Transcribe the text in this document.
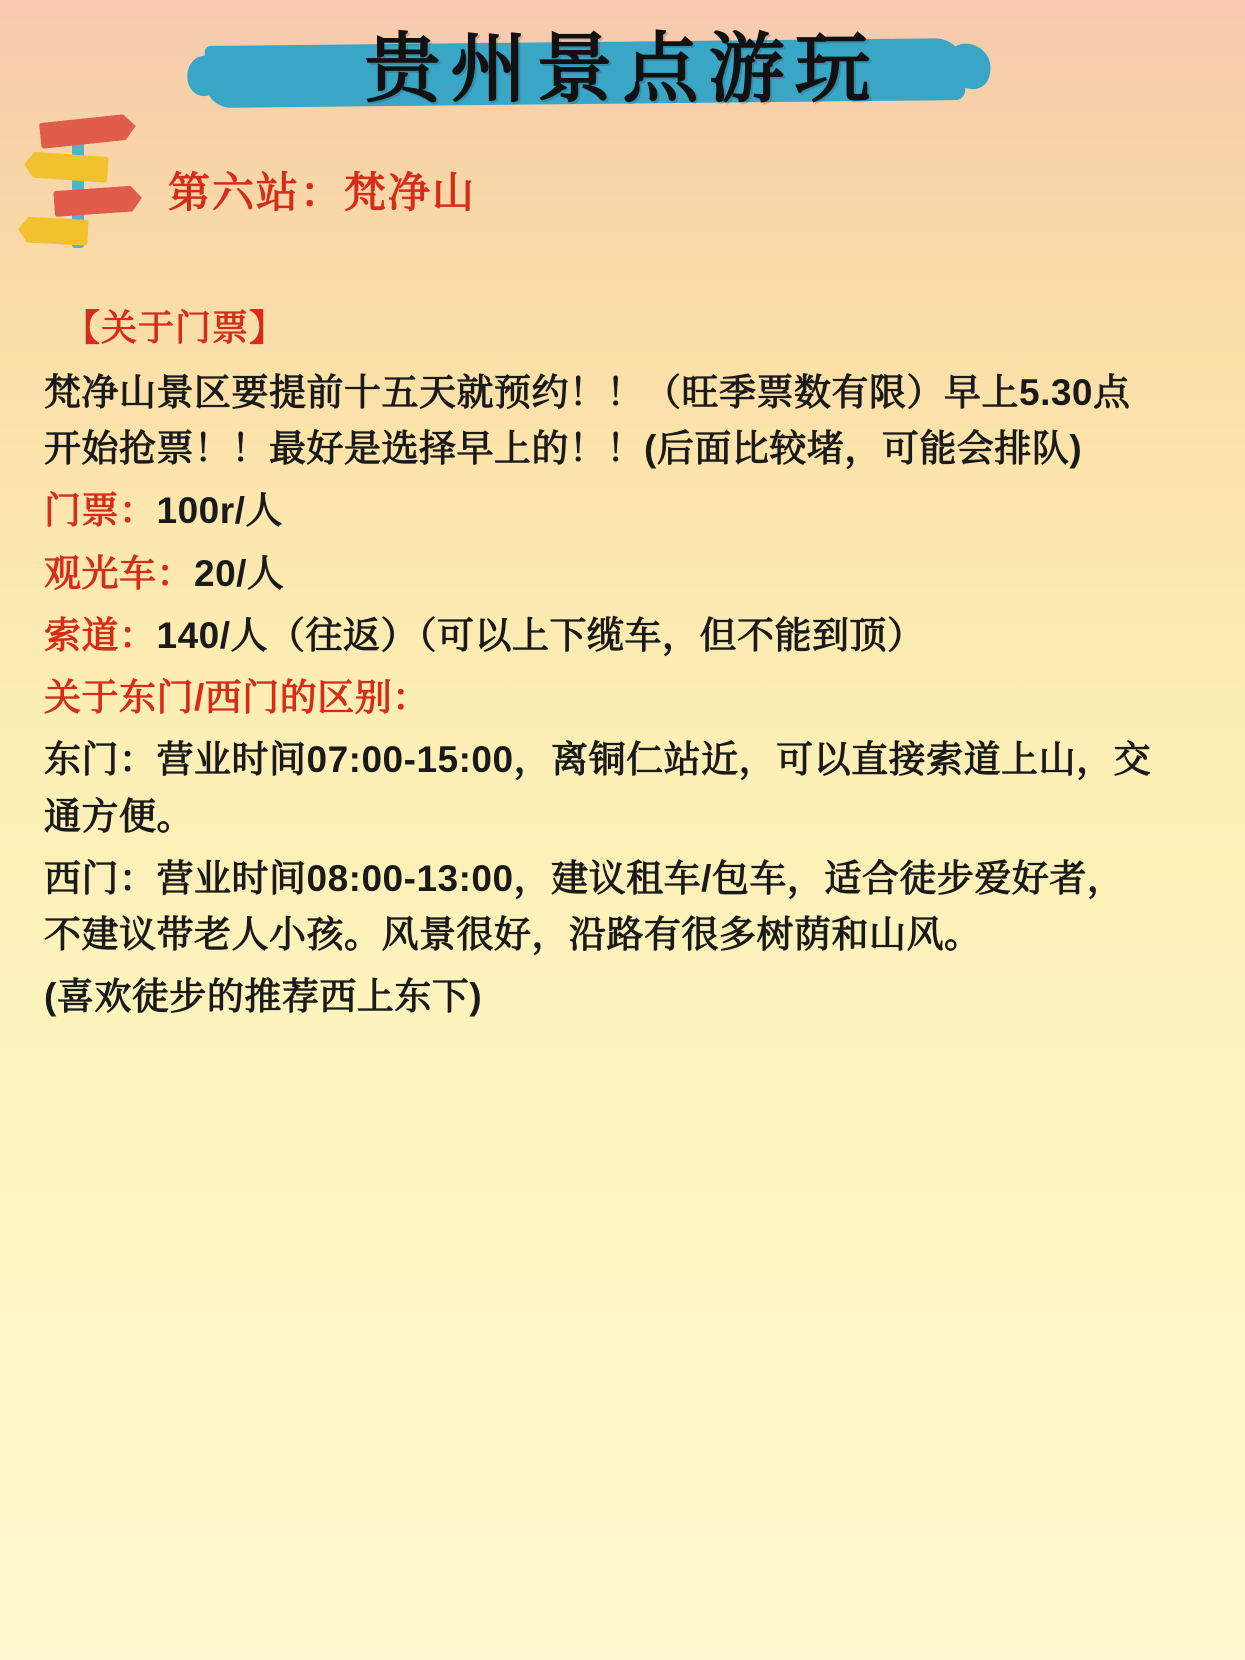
贵州景点游玩
第六站：梵净山
【关于门票】

梵净山景区要提前十五天就预约！！（旺季票数有限）早上5.30点开始抢票！！最好是选择早上的！！(后面比较堵，可能会排队)

门票：100r/人
观光车：20/人
索道：140/人（往返）（可以上下缆车，但不能到顶）
关于东门/西门的区别：

东门：营业时间07:00-15:00，离铜仁站近，可以直接索道上山，交通方便。

西门：营业时间08:00-13:00，建议租车/包车，适合徒步爱好者，不建议带老人小孩。风景很好，沿路有很多树荫和山风。

(喜欢徒步的推荐西上东下)
